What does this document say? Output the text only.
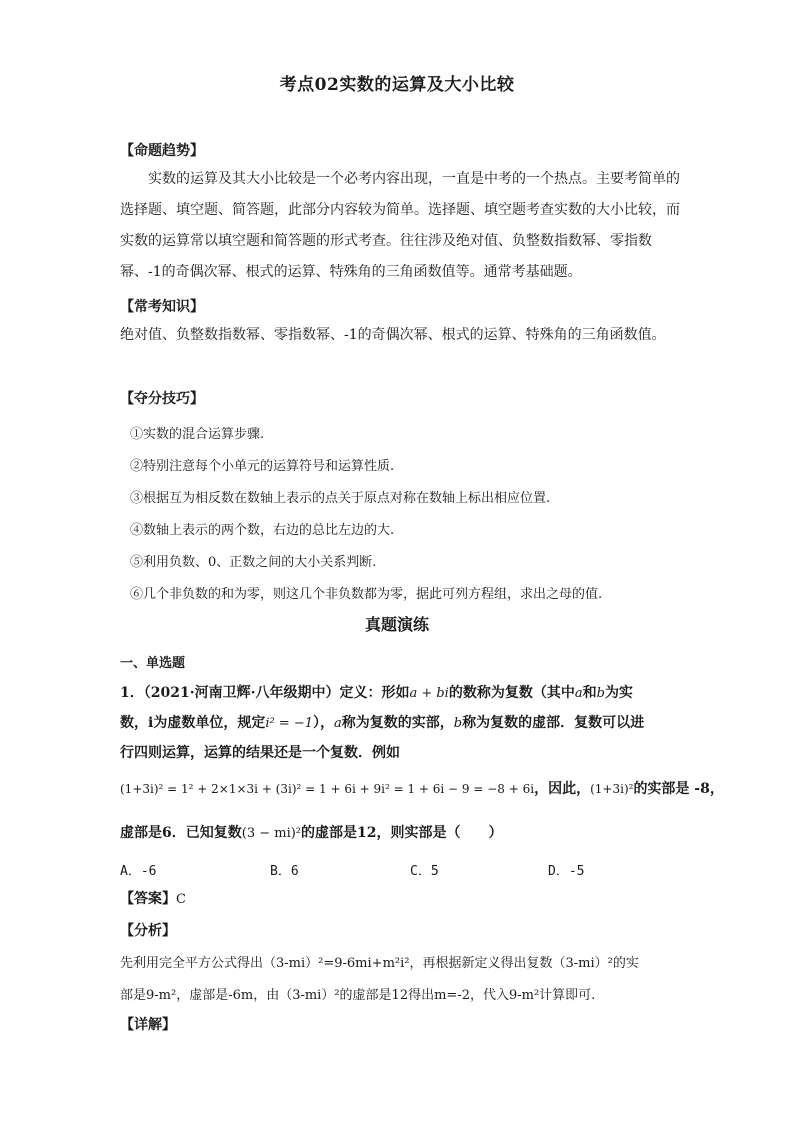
考点02实数的运算及大小比较
【命题趋势】
实数的运算及其大小比较是一个必考内容出现，一直是中考的一个热点。主要考简单的选择题、填空题、简答题，此部分内容较为简单。选择题、填空题考查实数的大小比较，而实数的运算常以填空题和简答题的形式考查。往往涉及绝对值、负整数指数幂、零指数幂、-1的奇偶次幂、根式的运算、特殊角的三角函数值等。通常考基础题。
【常考知识】
绝对值、负整数指数幂、零指数幂、-1的奇偶次幂、根式的运算、特殊角的三角函数值。
【夺分技巧】
①实数的混合运算步骤.
②特别注意每个小单元的运算符号和运算性质.
③根据互为相反数在数轴上表示的点关于原点对称在数轴上标出相应位置.
④数轴上表示的两个数，右边的总比左边的大.
⑤利用负数、0、正数之间的大小关系判断.
⑥几个非负数的和为零，则这几个非负数都为零，据此可列方程组，求出之母的值.
真题演练
一、单选题
1．（2021·河南卫辉·八年级期中）定义：形如a + bi的数称为复数（其中a和b为实
数，i为虚数单位，规定i² = −1），a称为复数的实部，b称为复数的虚部．复数可以进
行四则运算，运算的结果还是一个复数．例如
(1+3i)² = 1² + 2×1×3i + (3i)² = 1 + 6i + 9i² = 1 + 6i − 9 = −8 + 6i，因此，(1+3i)²的实部是 -8，
虚部是6．已知复数(3 − mi)²的虚部是12，则实部是（　　）
A．-6	B．6	C．5	D．-5
【答案】C
【分析】
先利用完全平方公式得出（3-mi）²=9-6mi+m²i²，再根据新定义得出复数（3-mi）²的实
部是9-m²，虚部是-6m，由（3-mi）²的虚部是12得出m=-2，代入9-m²计算即可.
【详解】
